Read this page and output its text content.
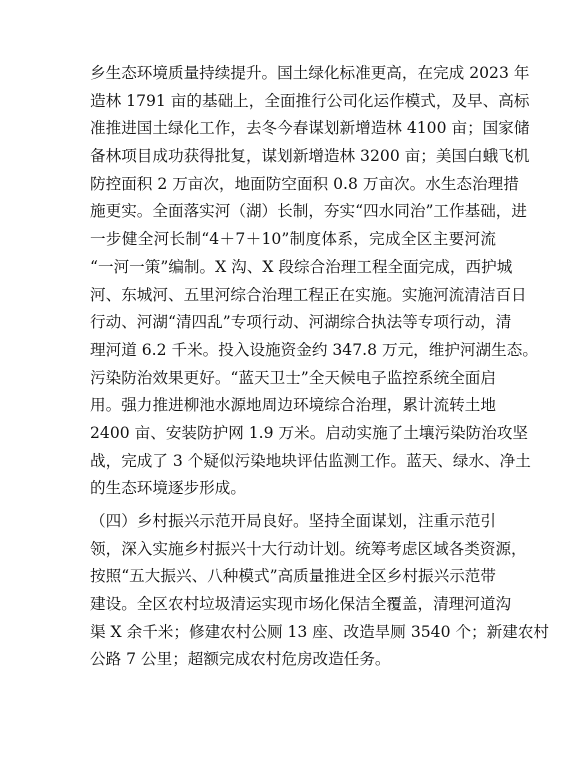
乡生态环境质量持续提升。国土绿化标准更高，在完成 2023 年
造林 1791 亩的基础上，全面推行公司化运作模式，及早、高标
准推进国土绿化工作，去冬今春谋划新增造林 4100 亩；国家储
备林项目成功获得批复，谋划新增造林 3200 亩；美国白蛾飞机
防控面积 2 万亩次，地面防空面积 0.8 万亩次。水生态治理措
施更实。全面落实河（湖）长制，夯实“四水同治”工作基础，进
一步健全河长制“4＋7＋10”制度体系，完成全区主要河流
“一河一策”编制。X 沟、X 段综合治理工程全面完成，西护城
河、东城河、五里河综合治理工程正在实施。实施河流清洁百日
行动、河湖“清四乱”专项行动、河湖综合执法等专项行动，清
理河道 6.2 千米。投入设施资金约 347.8 万元，维护河湖生态。
污染防治效果更好。“蓝天卫士”全天候电子监控系统全面启
用。强力推进柳池水源地周边环境综合治理，累计流转土地
2400 亩、安装防护网 1.9 万米。启动实施了土壤污染防治攻坚
战，完成了 3 个疑似污染地块评估监测工作。蓝天、绿水、净土
的生态环境逐步形成。
（四）乡村振兴示范开局良好。坚持全面谋划，注重示范引
领，深入实施乡村振兴十大行动计划。统筹考虑区域各类资源，
按照“五大振兴、八种模式”高质量推进全区乡村振兴示范带
建设。全区农村垃圾清运实现市场化保洁全覆盖，清理河道沟
渠 X 余千米；修建农村公厕 13 座、改造旱厕 3540 个；新建农村
公路 7 公里；超额完成农村危房改造任务。
